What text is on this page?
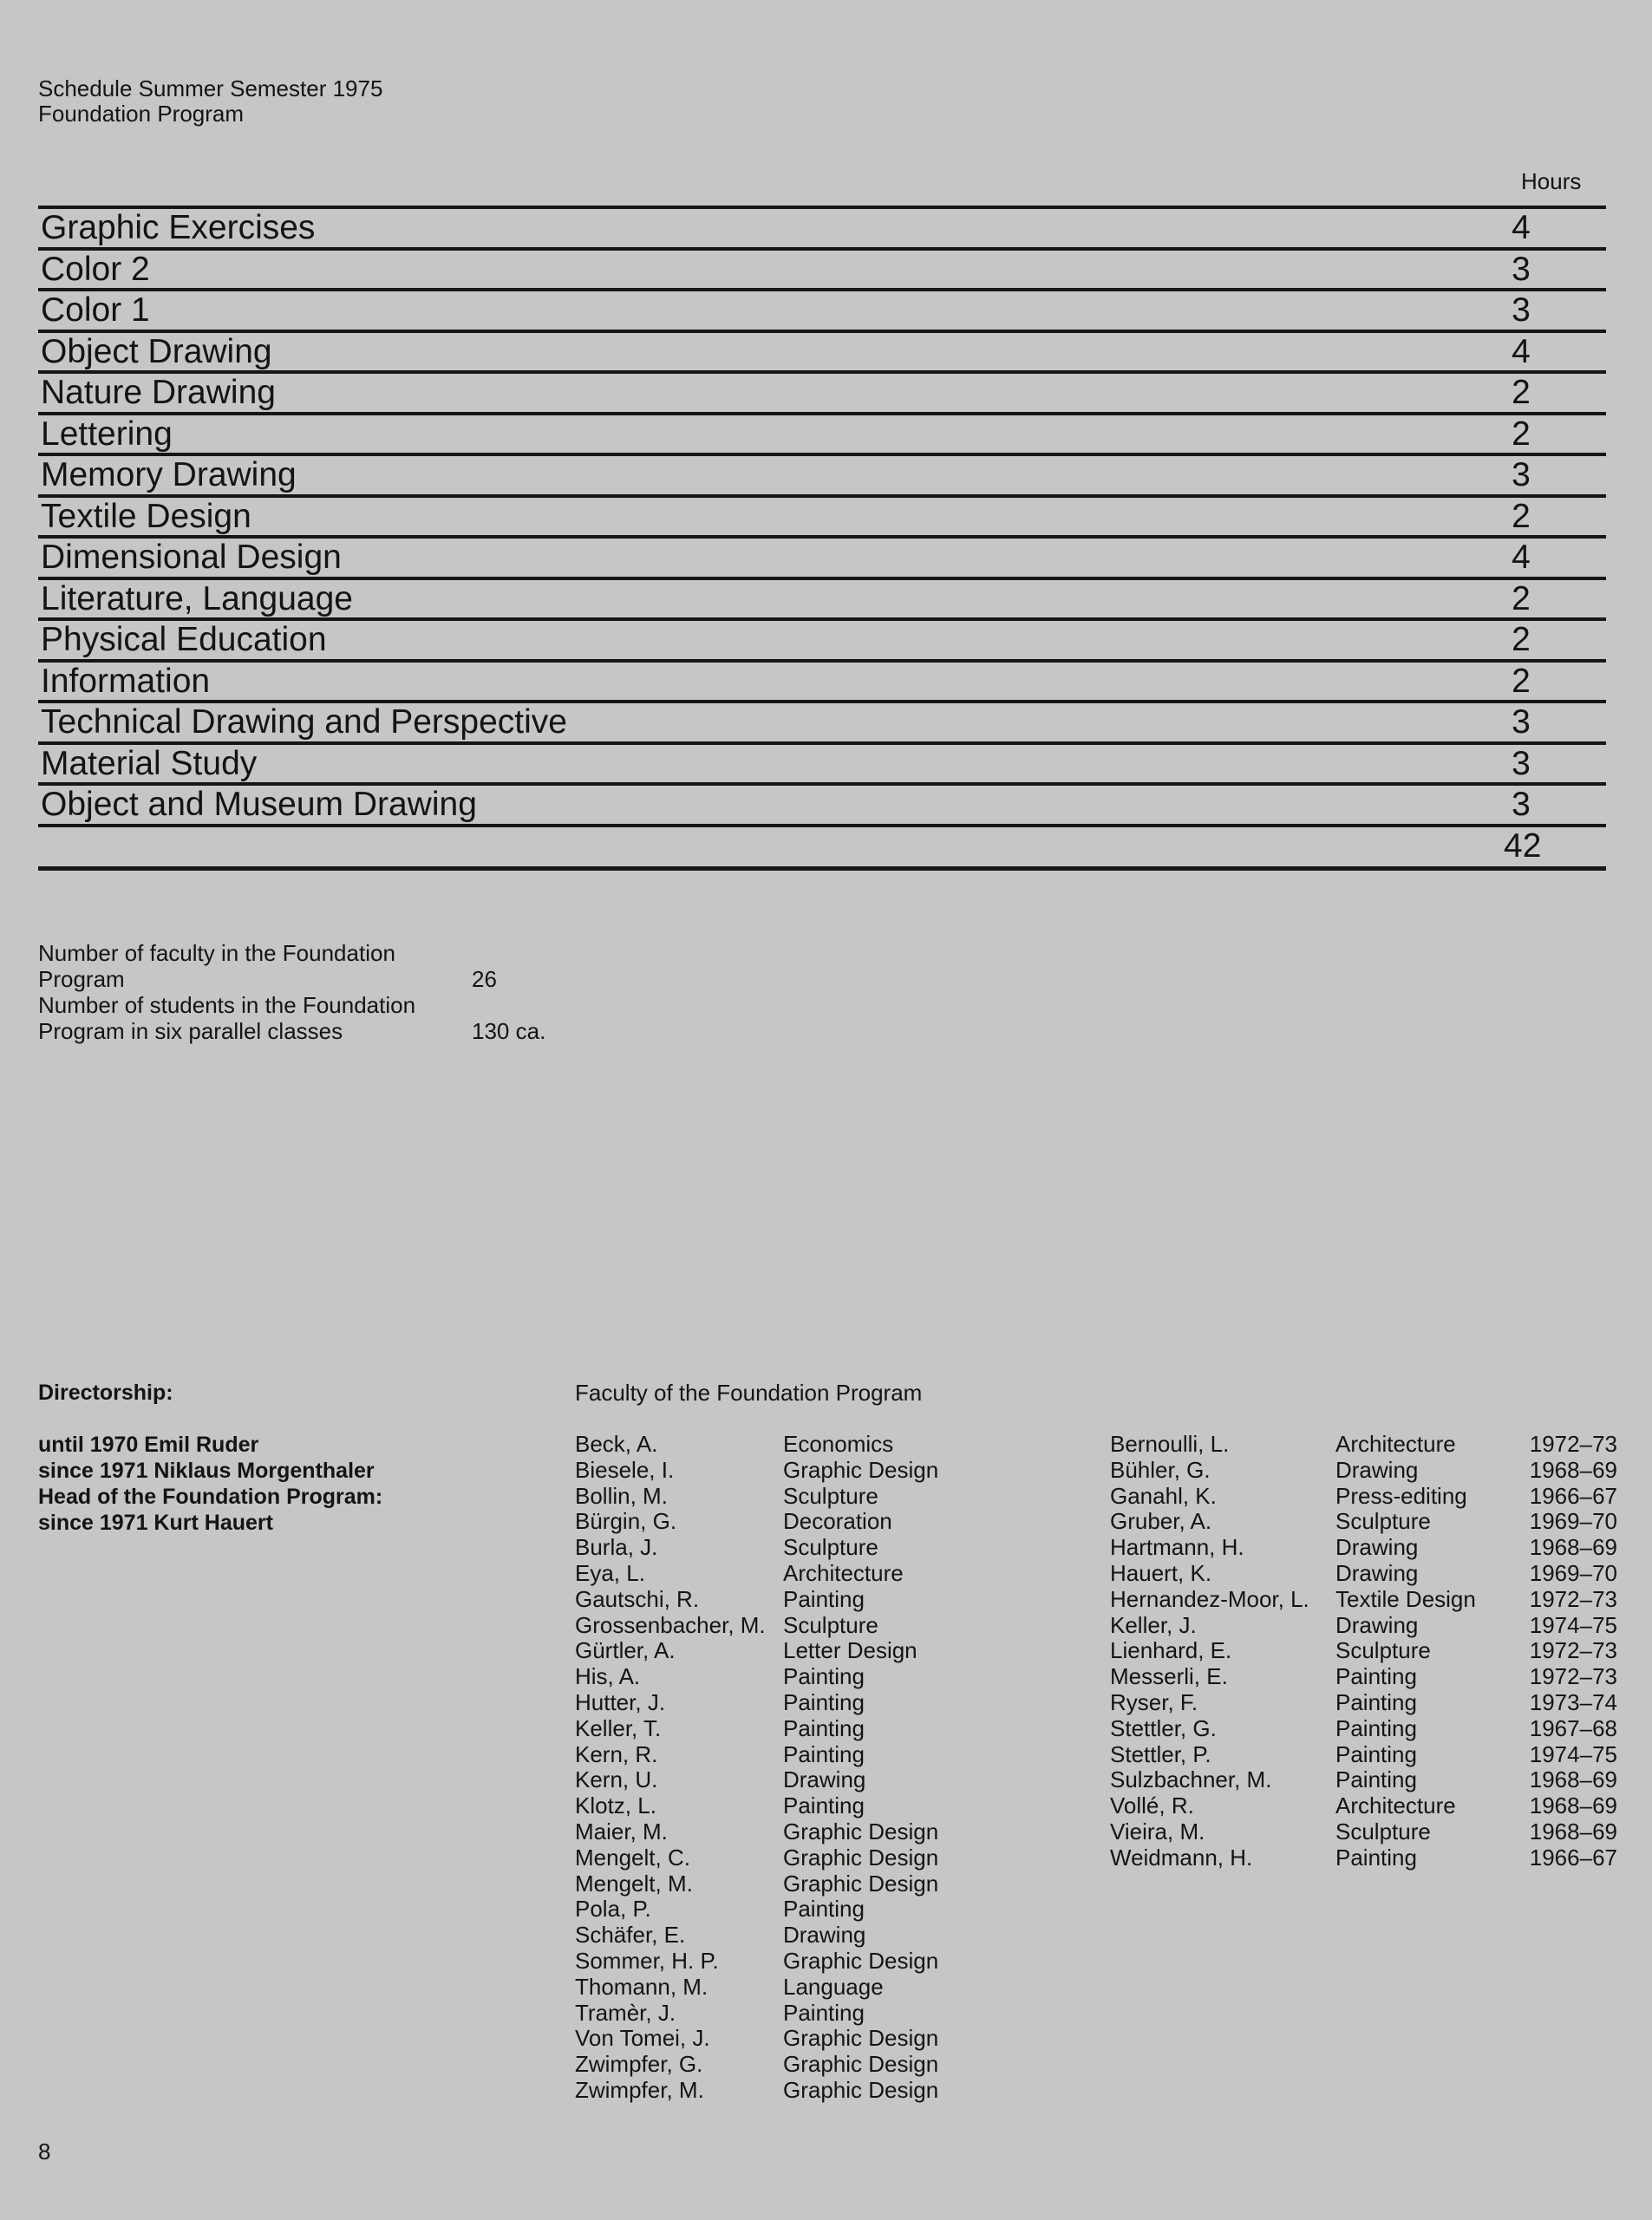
Schedule Summer Semester 1975
Foundation Program
Hours
Graphic Exercises	4
Color 2	3
Color 1	3
Object Drawing	4
Nature Drawing	2
Lettering	2
Memory Drawing	3
Textile Design	2
Dimensional Design	4
Literature, Language	2
Physical Education	2
Information	2
Technical Drawing and Perspective	3
Material Study	3
Object and Museum Drawing	3
42
Number of faculty in the Foundation Program	26
Number of students in the Foundation Program in six parallel classes	130 ca.
Directorship:
until 1970 Emil Ruder
since 1971 Niklaus Morgenthaler
Head of the Foundation Program:
since 1971 Kurt Hauert
Faculty of the Foundation Program
Beck, A.	Economics
Biesele, I.	Graphic Design
Bollin, M.	Sculpture
Bürgin, G.	Decoration
Burla, J.	Sculpture
Eya, L.	Architecture
Gautschi, R.	Painting
Grossenbacher, M. Sculpture
Gürtler, A.	Letter Design
His, A.	Painting
Hutter, J.	Painting
Keller, T.	Painting
Kern, R.	Painting
Kern, U.	Drawing
Klotz, L.	Painting
Maier, M.	Graphic Design
Mengelt, C.	Graphic Design
Mengelt, M.	Graphic Design
Pola, P.	Painting
Schäfer, E.	Drawing
Sommer, H. P.	Graphic Design
Thomann, M.	Language
Tramèr, J.	Painting
Von Tomei, J.	Graphic Design
Zwimpfer, G.	Graphic Design
Zwimpfer, M.	Graphic Design
Bernoulli, L.	Architecture	1972–73
Bühler, G.	Drawing	1968–69
Ganahl, K.	Press-editing	1966–67
Gruber, A.	Sculpture	1969–70
Hartmann, H.	Drawing	1968–69
Hauert, K.	Drawing	1969–70
Hernandez-Moor, L.	Textile Design	1972–73
Keller, J.	Drawing	1974–75
Lienhard, E.	Sculpture	1972–73
Messerli, E.	Painting	1972–73
Ryser, F.	Painting	1973–74
Stettler, G.	Painting	1967–68
Stettler, P.	Painting	1974–75
Sulzbachner, M.	Painting	1968–69
Vollé, R.	Architecture	1968–69
Vieira, M.	Sculpture	1968–69
Weidmann, H.	Painting	1966–67
8
